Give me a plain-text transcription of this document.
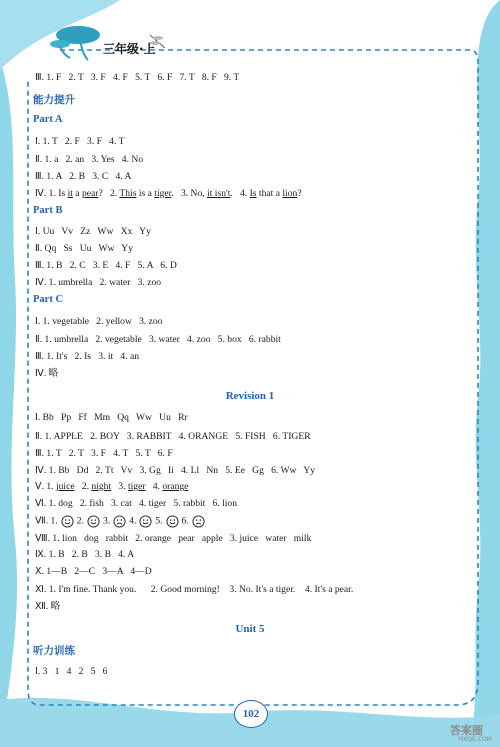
三年级·上
Ⅲ. 1. F   2. T   3. F   4. F   5. T   6. F   7. T   8. F   9. T
能力提升
Part A
Ⅰ. 1. T   2. F   3. F   4. T
Ⅱ. 1. a   2. an   3. Yes   4. No
Ⅲ. 1. A   2. B   3. C   4. A
Ⅳ. 1. Is it a pear?   2. This is a tiger.   3. No, it isn't.   4. Is that a lion?
Part B
Ⅰ. Uu   Vv   Zz   Ww   Xx   Yy
Ⅱ. Qq   Ss   Uu   Ww   Yy
Ⅲ. 1. B   2. C   3. E   4. F   5. A   6. D
Ⅳ. 1. umbrella   2. water   3. zoo
Part C
Ⅰ. 1. vegetable   2. yellow   3. zoo
Ⅱ. 1. umbrella   2. vegetable   3. water   4. zoo   5. box   6. rabbit
Ⅲ. 1. It's   2. Is   3. it   4. an
Ⅳ. 略
Revision 1
Ⅰ. Bb   Pp   Ff   Mm   Qq   Ww   Uu   Rr
Ⅱ. 1. APPLE   2. BOY   3. RABBIT   4. ORANGE   5. FISH   6. TIGER
Ⅲ. 1. T   2. T   3. F   4. T   5. T   6. F
Ⅳ. 1. Bb   Dd   2. Tt   Vv   3. Gg   Ii   4. Ll   Nn   5. Ee   Gg   6. Ww   Yy
Ⅴ. 1. juice   2. night   3. tiger   4. orange
Ⅵ. 1. dog   2. fish   3. cat   4. tiger   5. rabbit   6. lion
Ⅶ. 1. 2. 3. 4. 5. 6.
Ⅷ. 1. lion   dog   rabbit   2. orange   pear   apple   3. juice   water   milk
Ⅸ. 1. B   2. B   3. B   4. A
Ⅹ. 1—B   2—C   3—A   4—D
Ⅺ. 1. I'm fine. Thank you.      2. Good morning!    3. No. It's a tiger.    4. It's a pear.
Ⅻ. 略
Unit 5
听力训练
Ⅰ. 3   1   4   2   5   6
102
答案圈
MXQE.COM
